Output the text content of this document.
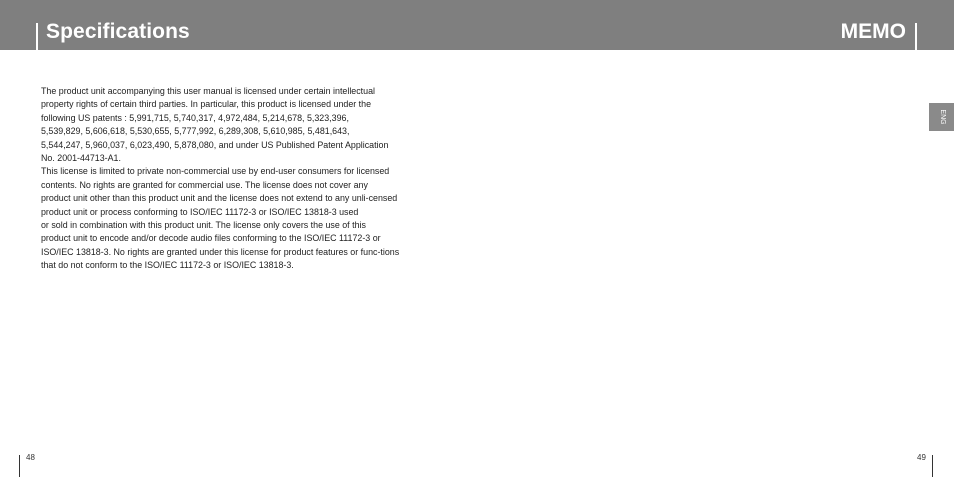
Specifications	MEMO
The product unit accompanying this user manual is licensed under certain intellectual
property rights of certain third parties. In particular, this product is licensed under the
following US patents : 5,991,715, 5,740,317, 4,972,484, 5,214,678, 5,323,396,
5,539,829, 5,606,618, 5,530,655, 5,777,992, 6,289,308, 5,610,985, 5,481,643,
5,544,247, 5,960,037, 6,023,490, 5,878,080, and under US Published Patent Application
No. 2001-44713-A1.
This license is limited to private non-commercial use by end-user consumers for licensed
contents. No rights are granted for commercial use. The license does not cover any
product unit other than this product unit and the license does not extend to any unli-censed
product unit or process conforming to ISO/IEC 11172-3 or ISO/IEC 13818-3 used
or sold in combination with this product unit. The license only covers the use of this
product unit to encode and/or decode audio files conforming to the ISO/IEC 11172-3 or
ISO/IEC 13818-3. No rights are granted under this license for product features or func-tions
that do not conform to the ISO/IEC 11172-3 or ISO/IEC 13818-3.
ENG
48	49
